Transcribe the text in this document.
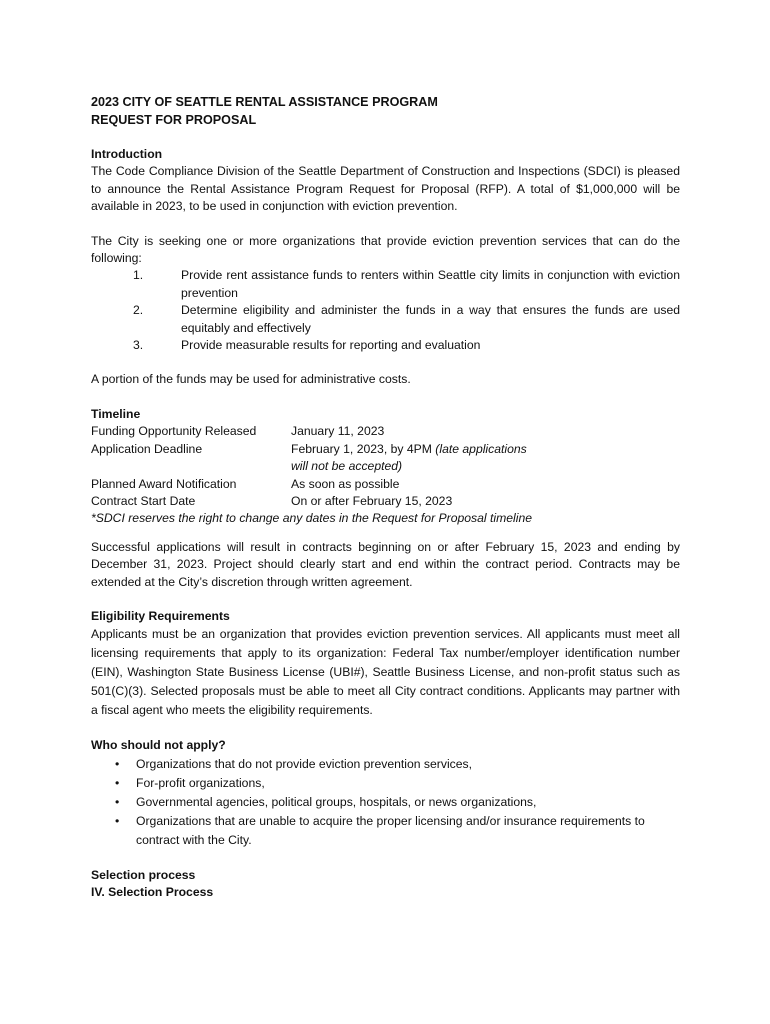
2023 CITY OF SEATTLE RENTAL ASSISTANCE PROGRAM

REQUEST FOR PROPOSAL

Introduction

The Code Compliance Division of the Seattle Department of Construction and Inspections (SDCI) is pleased to announce the Rental Assistance Program Request for Proposal (RFP). A total of $1,000,000 will be available in 2023, to be used in conjunction with eviction prevention.

The City is seeking one or more organizations that provide eviction prevention services that can do the following:

1.	Provide rent assistance funds to renters within Seattle city limits in conjunction with eviction prevention
2.	Determine eligibility and administer the funds in a way that ensures the funds are used equitably and effectively
3.	Provide measurable results for reporting and evaluation

A portion of the funds may be used for administrative costs.

Timeline

Funding Opportunity Released	January 11, 2023
Application Deadline	February 1, 2023, by 4PM (late applications will not be accepted)
Planned Award Notification	As soon as possible
Contract Start Date	On or after February 15, 2023

*SDCI reserves the right to change any dates in the Request for Proposal timeline

Successful applications will result in contracts beginning on or after February 15, 2023 and ending by December 31, 2023. Project should clearly start and end within the contract period. Contracts may be extended at the City’s discretion through written agreement.

Eligibility Requirements

Applicants must be an organization that provides eviction prevention services. All applicants must meet all licensing requirements that apply to its organization: Federal Tax number/employer identification number (EIN), Washington State Business License (UBI#), Seattle Business License, and non-profit status such as 501(C)(3). Selected proposals must be able to meet all City contract conditions. Applicants may partner with a fiscal agent who meets the eligibility requirements.

Who should not apply?

•	Organizations that do not provide eviction prevention services,
•	For-profit organizations,
•	Governmental agencies, political groups, hospitals, or news organizations,
•	Organizations that are unable to acquire the proper licensing and/or insurance requirements to contract with the City.

Selection process

IV. Selection Process
